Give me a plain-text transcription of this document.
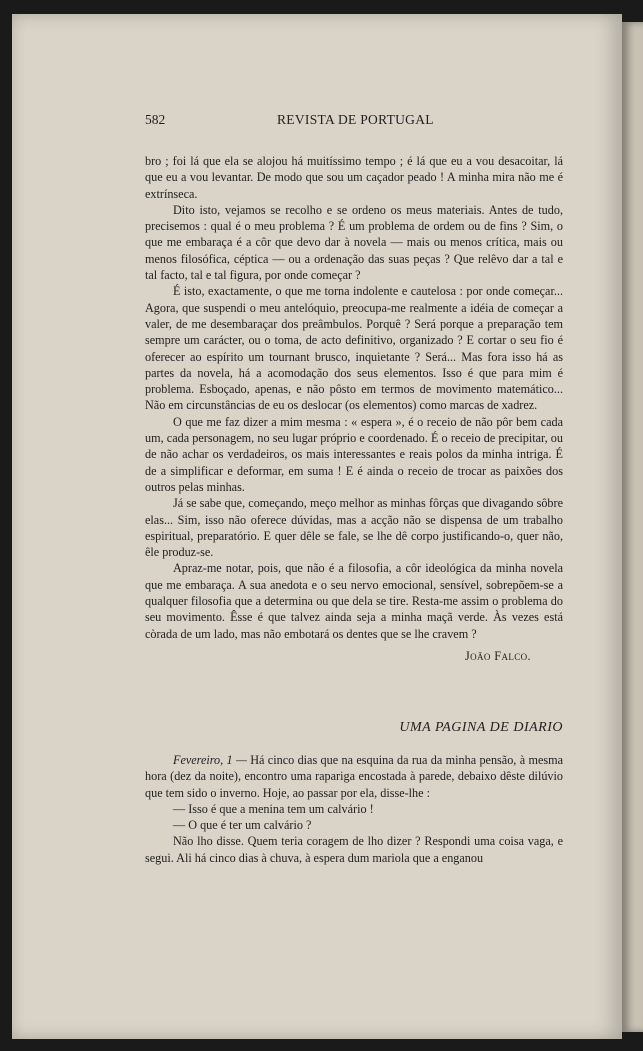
582	REVISTA DE PORTUGAL

bro ; foi lá que ela se alojou há muitíssimo tempo ; é lá que eu a vou desacoitar, lá que eu a vou levantar. De modo que sou um caçador peado ! A minha mira não me é extrínseca.

Dito isto, vejamos se recolho e se ordeno os meus materiais. Antes de tudo, precisemos : qual é o meu problema ? É um problema de ordem ou de fins ? Sim, o que me embaraça é a côr que devo dar à novela — mais ou menos crítica, mais ou menos filosófica, céptica — ou a ordenação das suas peças ? Que relêvo dar a tal e tal facto, tal e tal figura, por onde começar ?

É isto, exactamente, o que me torna indolente e cautelosa : por onde começar... Agora, que suspendi o meu antelóquio, preocupa-me realmente a idéia de começar a valer, de me desembaraçar dos preâmbulos. Porquê ? Será porque a preparação tem sempre um carácter, ou o toma, de acto definitivo, organizado ? E cortar o seu fio é oferecer ao espírito um tournant brusco, inquietante ? Será... Mas fora isso há as partes da novela, há a acomodação dos seus elementos. Isso é que para mim é problema. Esboçado, apenas, e não pôsto em termos de movimento matemático... Não em circunstâncias de eu os deslocar (os elementos) como marcas de xadrez.

O que me faz dizer a mim mesma : « espera », é o receio de não pôr bem cada um, cada personagem, no seu lugar próprio e coordenado. É o receio de precipitar, ou de não achar os verdadeiros, os mais interessantes e reais polos da minha intriga. É de a simplificar e deformar, em suma ! E é ainda o receio de trocar as paixões dos outros pelas minhas.

Já se sabe que, começando, meço melhor as minhas fôrças que divagando sôbre elas... Sim, isso não oferece dúvidas, mas a acção não se dispensa de um trabalho espiritual, preparatório. E quer dêle se fale, se lhe dê corpo justificando-o, quer não, êle produz-se.

Apraz-me notar, pois, que não é a filosofia, a côr ideológica da minha novela que me embaraça. A sua anedota e o seu nervo emocional, sensível, sobrepõem-se a qualquer filosofia que a determina ou que dela se tire. Resta-me assim o problema do seu movimento. Êsse é que talvez ainda seja a minha maçã verde. Às vezes está còrada de um lado, mas não embotará os dentes que se lhe cravem ?

João Falco.

UMA PAGINA DE DIARIO

Fevereiro, 1 — Há cinco dias que na esquina da rua da minha pensão, à mesma hora (dez da noite), encontro uma rapariga encostada à parede, debaixo dêste dilúvio que tem sido o inverno. Hoje, ao passar por ela, disse-lhe :

— Isso é que a menina tem um calvário !

— O que é ter um calvário ?

Não lho disse. Quem teria coragem de lho dizer ? Respondi uma coisa vaga, e segui. Ali há cinco dias à chuva, à espera dum mariola que a enganou
